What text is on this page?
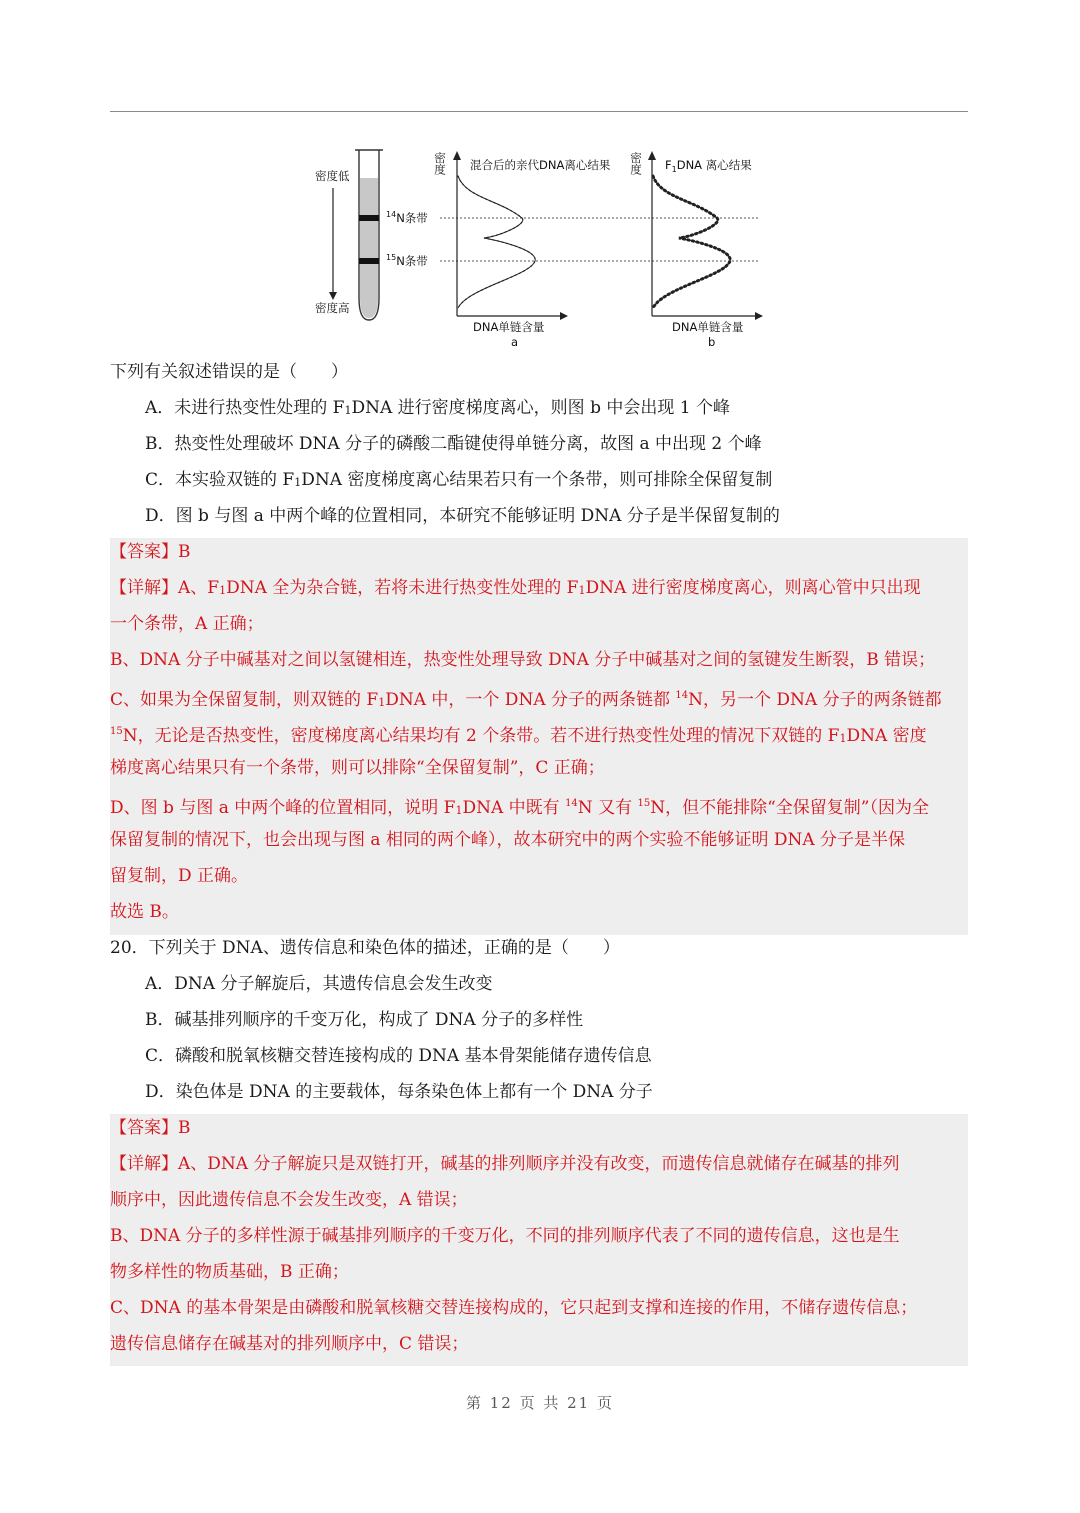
密度低
密度高
$^{14}$N条带
$^{15}$N条带
密度 混合后的亲代DNA离心结果
DNA单链含量
a
密度 $F_1DNA$ 离心结果
DNA单链含量
b
下列有关叙述错误的是（　　）
A．未进行热变性处理的 F1DNA 进行密度梯度离心，则图 b 中会出现 1 个峰
B．热变性处理破坏 DNA 分子的磷酸二酯键使得单链分离，故图 a 中出现 2 个峰
C．本实验双链的 F1DNA 密度梯度离心结果若只有一个条带，则可排除全保留复制
D．图 b 与图 a 中两个峰的位置相同，本研究不能够证明 DNA 分子是半保留复制的
【答案】B
【详解】A、F1DNA 全为杂合链，若将未进行热变性处理的 F1DNA 进行密度梯度离心，则离心管中只出现
一个条带，A 正确；
B、DNA 分子中碱基对之间以氢键相连，热变性处理导致 DNA 分子中碱基对之间的氢键发生断裂，B 错误；
C、如果为全保留复制，则双链的 F1DNA 中，一个 DNA 分子的两条链都 $^{14}$N，另一个 DNA 分子的两条链都
$^{15}$N，无论是否热变性，密度梯度离心结果均有 2 个条带。若不进行热变性处理的情况下双链的 F1DNA 密度
梯度离心结果只有一个条带，则可以排除“全保留复制”，C 正确；
D、图 b 与图 a 中两个峰的位置相同，说明 F1DNA 中既有 $^{14}$N 又有 $^{15}$N，但不能排除“全保留复制”（因为全
保留复制的情况下，也会出现与图 a 相同的两个峰），故本研究中的两个实验不能够证明 DNA 分子是半保
留复制，D 正确。
故选 B。
20．下列关于 DNA、遗传信息和染色体的描述，正确的是（　　）
A．DNA 分子解旋后，其遗传信息会发生改变
B．碱基排列顺序的千变万化，构成了 DNA 分子的多样性
C．磷酸和脱氧核糖交替连接构成的 DNA 基本骨架能储存遗传信息
D．染色体是 DNA 的主要载体，每条染色体上都有一个 DNA 分子
【答案】B
【详解】A、DNA 分子解旋只是双链打开，碱基的排列顺序并没有改变，而遗传信息就储存在碱基的排列
顺序中，因此遗传信息不会发生改变，A 错误；
B、DNA 分子的多样性源于碱基排列顺序的千变万化，不同的排列顺序代表了不同的遗传信息，这也是生
物多样性的物质基础，B 正确；
C、DNA 的基本骨架是由磷酸和脱氧核糖交替连接构成的，它只起到支撑和连接的作用，不储存遗传信息；
遗传信息储存在碱基对的排列顺序中，C 错误；
第 12 页 共 21 页
